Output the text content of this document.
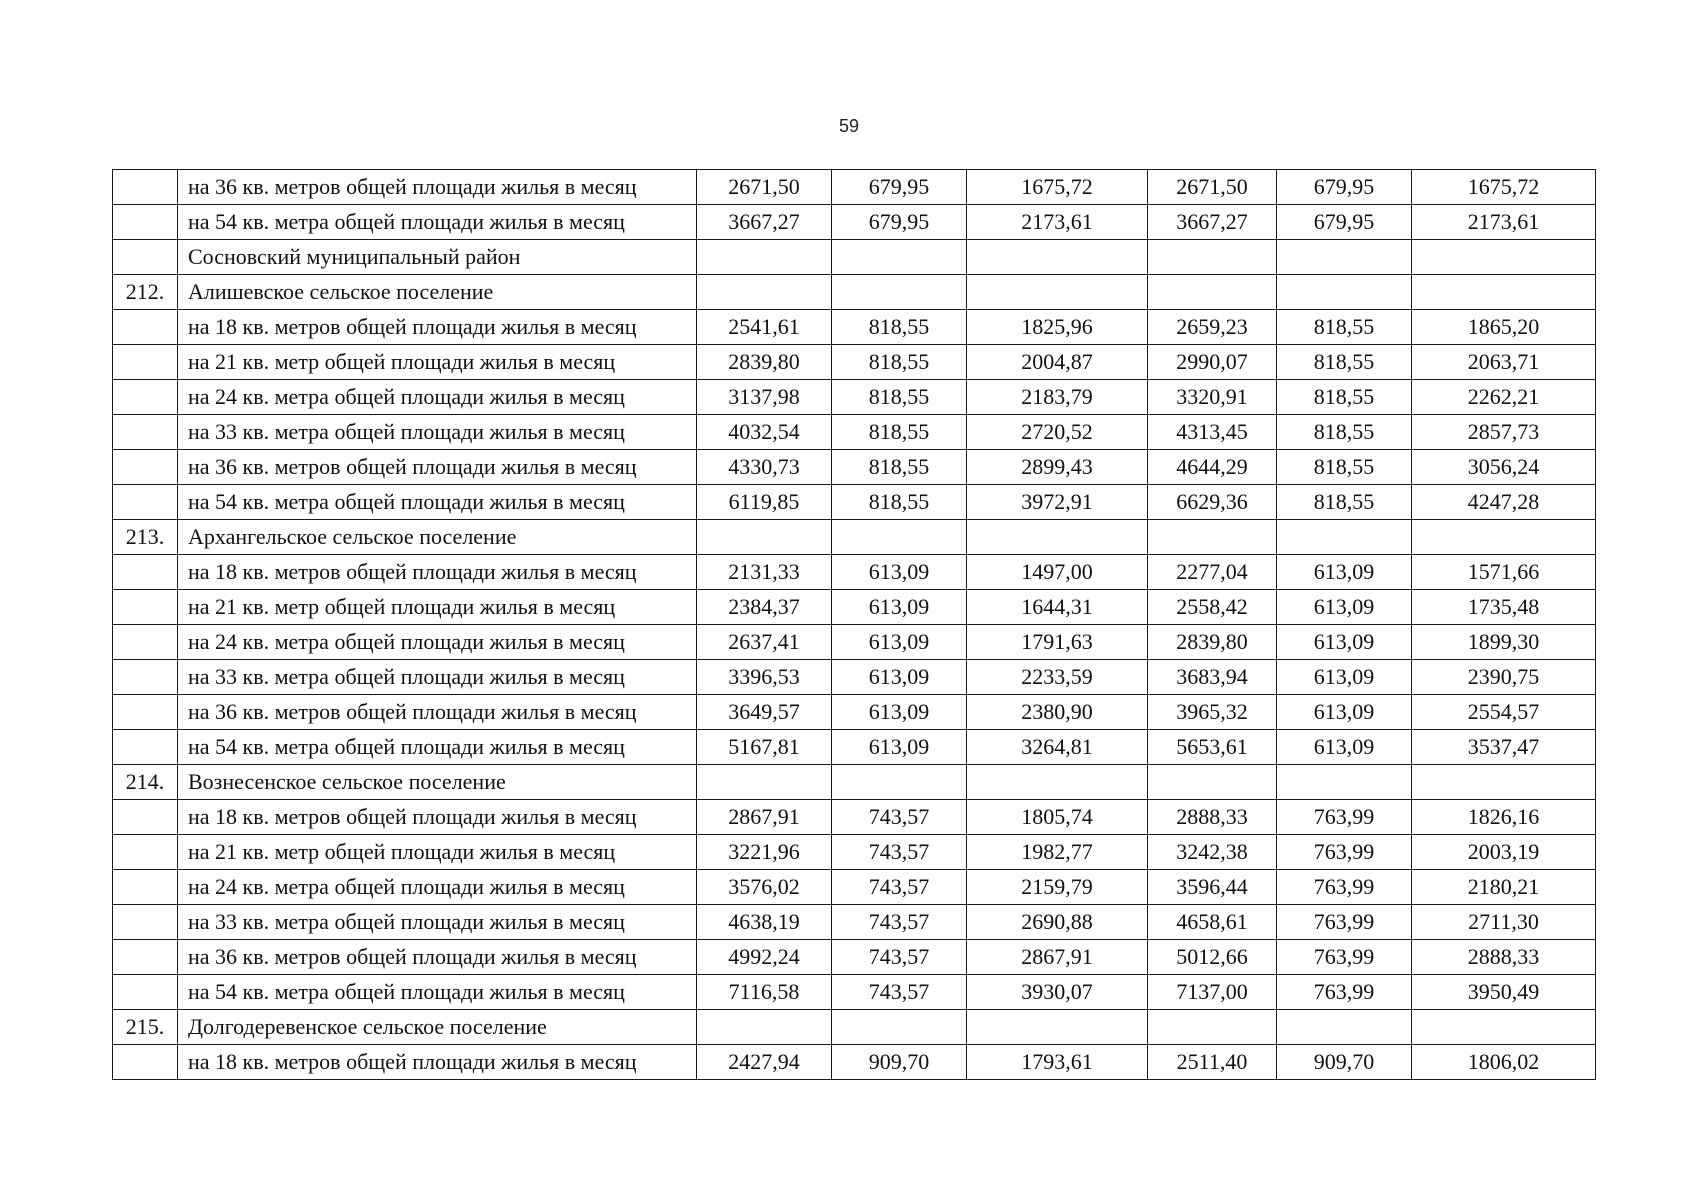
59
	на 36 кв. метров общей площади жилья в месяц	2671,50	679,95	1675,72	2671,50	679,95	1675,72
	на 54 кв. метра общей площади жилья в месяц	3667,27	679,95	2173,61	3667,27	679,95	2173,61
	Сосновский муниципальный район						
212.	Алишевское сельское поселение						
	на 18 кв. метров общей площади жилья в месяц	2541,61	818,55	1825,96	2659,23	818,55	1865,20
	на 21 кв. метр общей площади жилья в месяц	2839,80	818,55	2004,87	2990,07	818,55	2063,71
	на 24 кв. метра общей площади жилья в месяц	3137,98	818,55	2183,79	3320,91	818,55	2262,21
	на 33 кв. метра общей площади жилья в месяц	4032,54	818,55	2720,52	4313,45	818,55	2857,73
	на 36 кв. метров общей площади жилья в месяц	4330,73	818,55	2899,43	4644,29	818,55	3056,24
	на 54 кв. метра общей площади жилья в месяц	6119,85	818,55	3972,91	6629,36	818,55	4247,28
213.	Архангельское сельское поселение						
	на 18 кв. метров общей площади жилья в месяц	2131,33	613,09	1497,00	2277,04	613,09	1571,66
	на 21 кв. метр общей площади жилья в месяц	2384,37	613,09	1644,31	2558,42	613,09	1735,48
	на 24 кв. метра общей площади жилья в месяц	2637,41	613,09	1791,63	2839,80	613,09	1899,30
	на 33 кв. метра общей площади жилья в месяц	3396,53	613,09	2233,59	3683,94	613,09	2390,75
	на 36 кв. метров общей площади жилья в месяц	3649,57	613,09	2380,90	3965,32	613,09	2554,57
	на 54 кв. метра общей площади жилья в месяц	5167,81	613,09	3264,81	5653,61	613,09	3537,47
214.	Вознесенское сельское поселение						
	на 18 кв. метров общей площади жилья в месяц	2867,91	743,57	1805,74	2888,33	763,99	1826,16
	на 21 кв. метр общей площади жилья в месяц	3221,96	743,57	1982,77	3242,38	763,99	2003,19
	на 24 кв. метра общей площади жилья в месяц	3576,02	743,57	2159,79	3596,44	763,99	2180,21
	на 33 кв. метра общей площади жилья в месяц	4638,19	743,57	2690,88	4658,61	763,99	2711,30
	на 36 кв. метров общей площади жилья в месяц	4992,24	743,57	2867,91	5012,66	763,99	2888,33
	на 54 кв. метра общей площади жилья в месяц	7116,58	743,57	3930,07	7137,00	763,99	3950,49
215.	Долгодеревенское сельское поселение						
	на 18 кв. метров общей площади жилья в месяц	2427,94	909,70	1793,61	2511,40	909,70	1806,02
